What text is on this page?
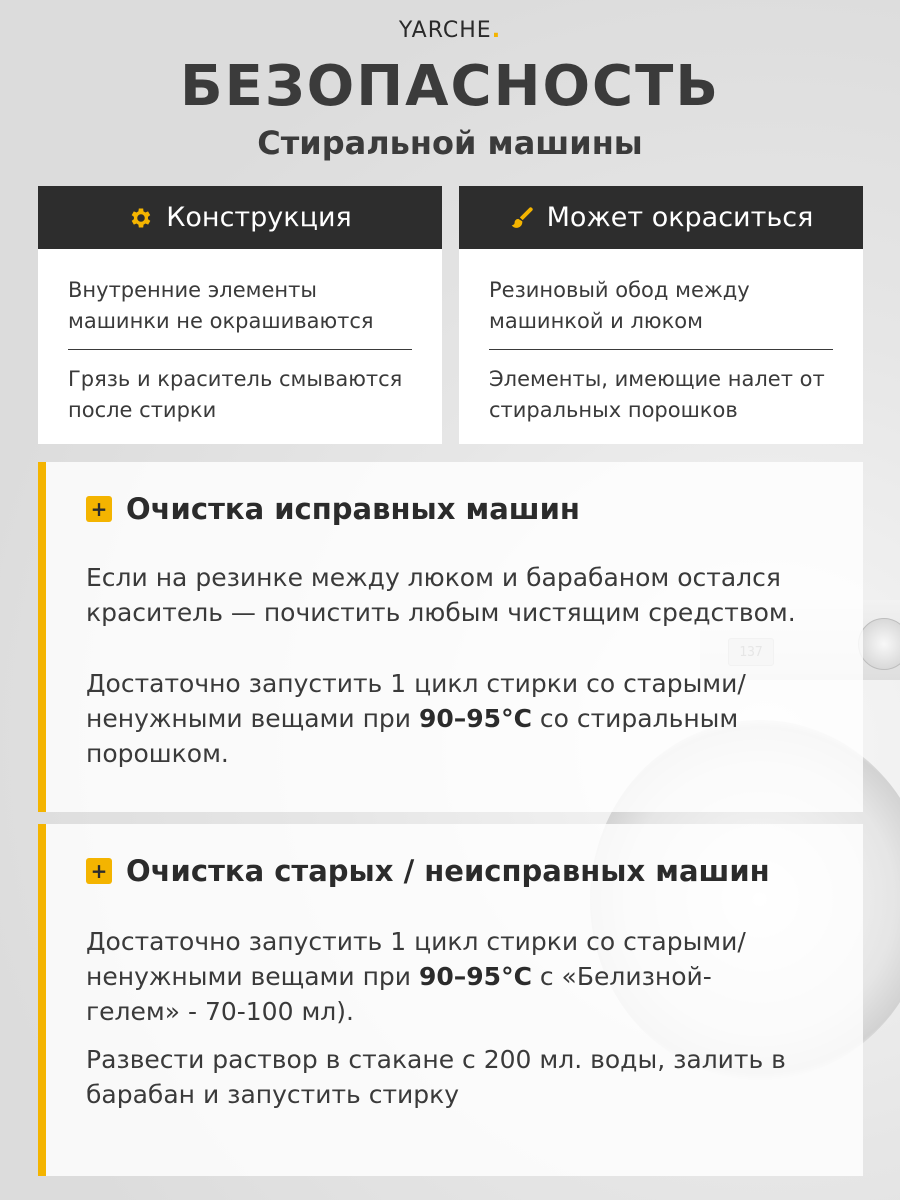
YARCHE.
БЕЗОПАСНОСТЬ
Стиральной машины
Конструкция
Внутренние элементы машинки не окрашиваются
Грязь и краситель смываются после стирки
Может окраситься
Резиновый обод между машинкой и люком
Элементы, имеющие налет от стиральных порошков
+ Очистка исправных машин
Если на резинке между люком и барабаном остался краситель — почистить любым чистящим средством.
Достаточно запустить 1 цикл стирки со старыми/ ненужными вещами при 90–95°С со стиральным порошком.
+ Очистка старых / неисправных машин
Достаточно запустить 1 цикл стирки со старыми/ ненужными вещами при 90–95°С с «Белизной-гелем» - 70-100 мл).
Развести раствор в стакане с 200 мл. воды, залить в барабан и запустить стирку
